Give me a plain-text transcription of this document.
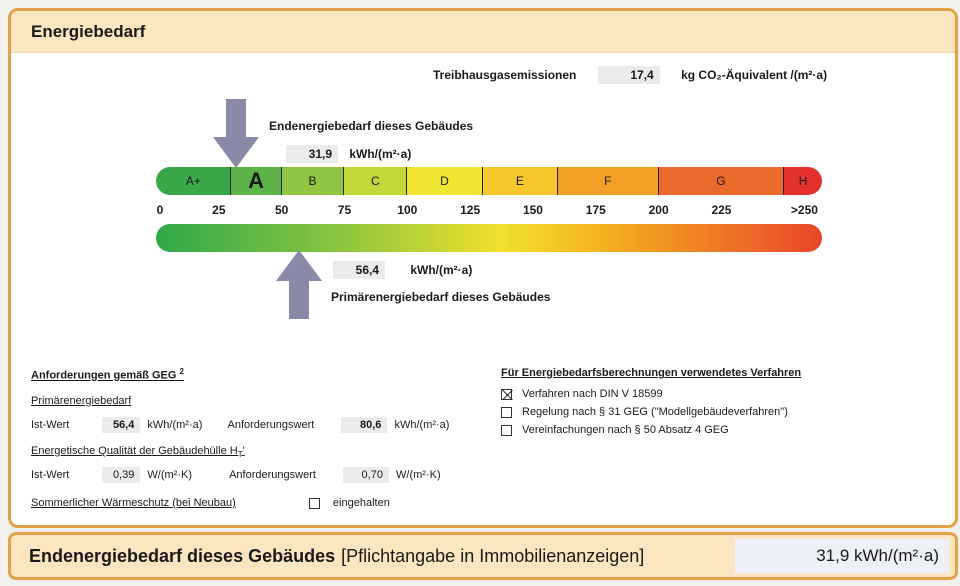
Energiebedarf
Treibhausgasemissionen	17,4 kg CO₂-Äquivalent /(m²·a)
Endenergiebedarf dieses Gebäudes
31,9 kWh/(m²·a)
A+ A	B	C	D	E	F	G	H
0	25	50	75	100	125	150	175	200	225	>250
56,4	kWh/(m²·a)
Primärenergiebedarf dieses Gebäudes
Anforderungen gemäß GEG $^2$
Primärenergiebedarf
Ist-Wert	56,4 kWh/(m²·a) Anforderungswert	80,6 kWh/(m²·a)
Energetische Qualität der Gebäudehülle $H_T'$
Ist-Wert	0,39 W/(m²·K)	Anforderungswert	0,70 W/(m²·K)
Sommerlicher Wärmeschutz (bei Neubau)	eingehalten
Für Energiebedarfsberechnungen verwendetes Verfahren
Verfahren nach DIN V 18599
Regelung nach § 31 GEG ("Modellgebäudeverfahren")
Vereinfachungen nach § 50 Absatz 4 GEG
Endenergiebedarf dieses Gebäudes [Pflichtangabe in Immobilienanzeigen]	31,9 kWh/(m²·a)
